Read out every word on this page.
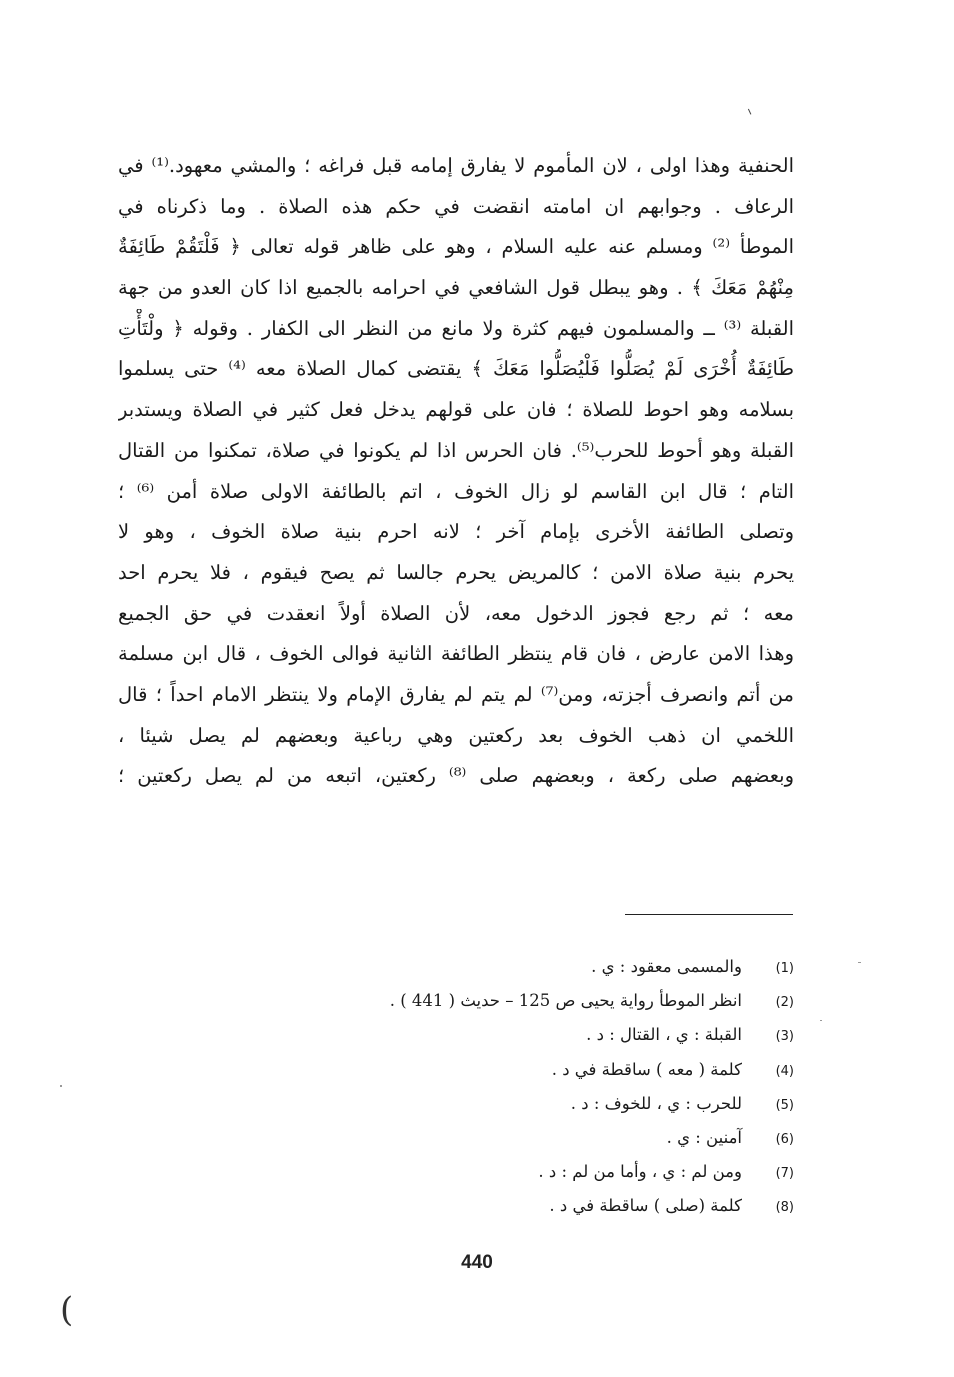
الحنفية وهذا اولى ، لان المأموم لا يفارق إمامه قبل فراغه ؛ والمشي معهود.⁽¹⁾ في
الرعاف . وجوابهم ان امامته انقضت في حكم هذه الصلاة . وما ذكرناه في
الموطأ ⁽²⁾ ومسلم عنه عليه السلام ، وهو على ظاهر قوله تعالى ﴿ فَلْتَقُمْ طَائِفَةٌ
مِنْهُمْ مَعَكَ ﴾ . وهو يبطل قول الشافعي في احرامه بالجميع اذا كان العدو من جهة
القبلة ⁽³⁾ ــ والمسلمون فيهم كثرة ولا مانع من النظر الى الكفار . وقوله ﴿ ولْتَأْتِ
طَائِفَةٌ أُخْرَى لَمْ يُصَلُّوا فَلْيُصَلُّوا مَعَكَ ﴾ يقتضى كمال الصلاة معه ⁽⁴⁾ حتى يسلموا
بسلامه وهو احوط للصلاة ؛ فان على قولهم يدخل فعل كثير في الصلاة ويستدبر
القبلة وهو أحوط للحرب⁽⁵⁾. فان الحرس اذا لم يكونوا في صلاة، تمكنوا من القتال
التام ؛ قال ابن القاسم لو زال الخوف ، اتم بالطائفة الاولى صلاة أمن ⁽⁶⁾ ؛
وتصلى الطائفة الأخرى بإمام آخر ؛ لانه احرم بنية صلاة الخوف ، وهو لا
يحرم بنية صلاة الامن ؛ كالمريض يحرم جالسا ثم يصح فيقوم ، فلا يحرم احد
معه ؛ ثم رجع فجوز الدخول معه، لأن الصلاة أولاً انعقدت في حق الجميع
وهذا الامن عارض ، فان قام ينتظر الطائفة الثانية فوالى الخوف ، قال ابن مسلمة
من أتم وانصرف أجزته، ومن⁽⁷⁾ لم يتم لم يفارق الإمام ولا ينتظر الامام احداً ؛ قال
اللخمي ان ذهب الخوف بعد ركعتين وهي رباعية وبعضهم لم يصل شيئا ،
وبعضهم صلى ركعة ، وبعضهم صلى ⁽⁸⁾ ركعتين، اتبعه من لم يصل ركعتين ؛
(1)
والمسمى معقود : ي .
(2)
انظر الموطأ رواية يحيى ص 125 – حديث ( 441 ) .
(3)
القبلة : ي ، القتال : د .
(4)
كلمة ( معه ) ساقطة في د .
(5)
للحرب : ي ، للخوف : د .
(6)
آمنين : ي .
(7)
ومن لم : ي ، وأما من لم : د .
(8)
كلمة (صلى ) ساقطة في د .
440
(
